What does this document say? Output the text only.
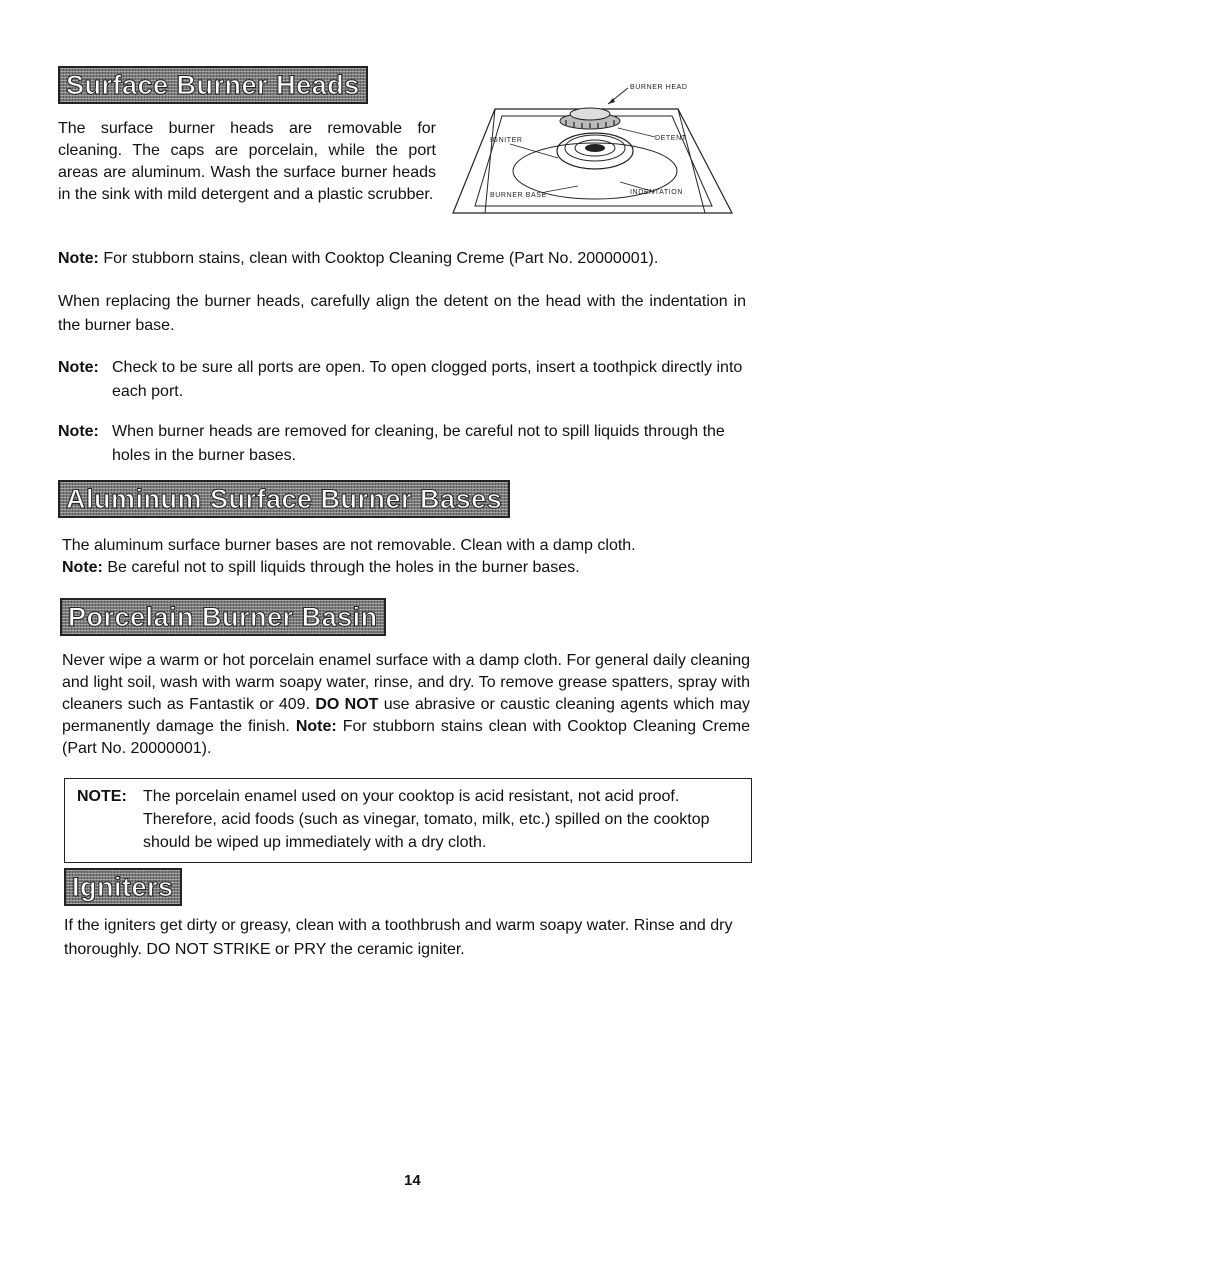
Surface Burner Heads

The surface burner heads are removable for cleaning. The caps are porcelain, while the port areas are aluminum. Wash the surface burner heads in the sink with mild detergent and a plastic scrubber.

BURNER HEAD
IGNITER	DETENT
BURNER BASE	INDENTATION
Note: For stubborn stains, clean with Cooktop Cleaning Creme (Part No. 20000001).

When replacing the burner heads, carefully align the detent on the head with the indentation in the burner base.

Note: Check to be sure all ports are open. To open clogged ports, insert a toothpick directly into each port.
Note: When burner heads are removed for cleaning, be careful not to spill liquids through the holes in the burner bases.
Aluminum Surface Burner Bases
The aluminum surface burner bases are not removable. Clean with a damp cloth.
Note: Be careful not to spill liquids through the holes in the burner bases.
Porcelain Burner Basin

Never wipe a warm or hot porcelain enamel surface with a damp cloth. For general daily cleaning and light soil, wash with warm soapy water, rinse, and dry. To remove grease spatters, spray with cleaners such as Fantastik or 409. DO NOT use abrasive or caustic cleaning agents which may permanently damage the finish. Note: For stubborn stains clean with Cooktop Cleaning Creme (Part No. 20000001).

NOTE: The porcelain enamel used on your cooktop is acid resistant, not acid proof. Therefore, acid foods (such as vinegar, tomato, milk, etc.) spilled on the cooktop should be wiped up immediately with a dry cloth.
Igniters

If the igniters get dirty or greasy, clean with a toothbrush and warm soapy water. Rinse and dry thoroughly. DO NOT STRIKE or PRY the ceramic igniter.

14
